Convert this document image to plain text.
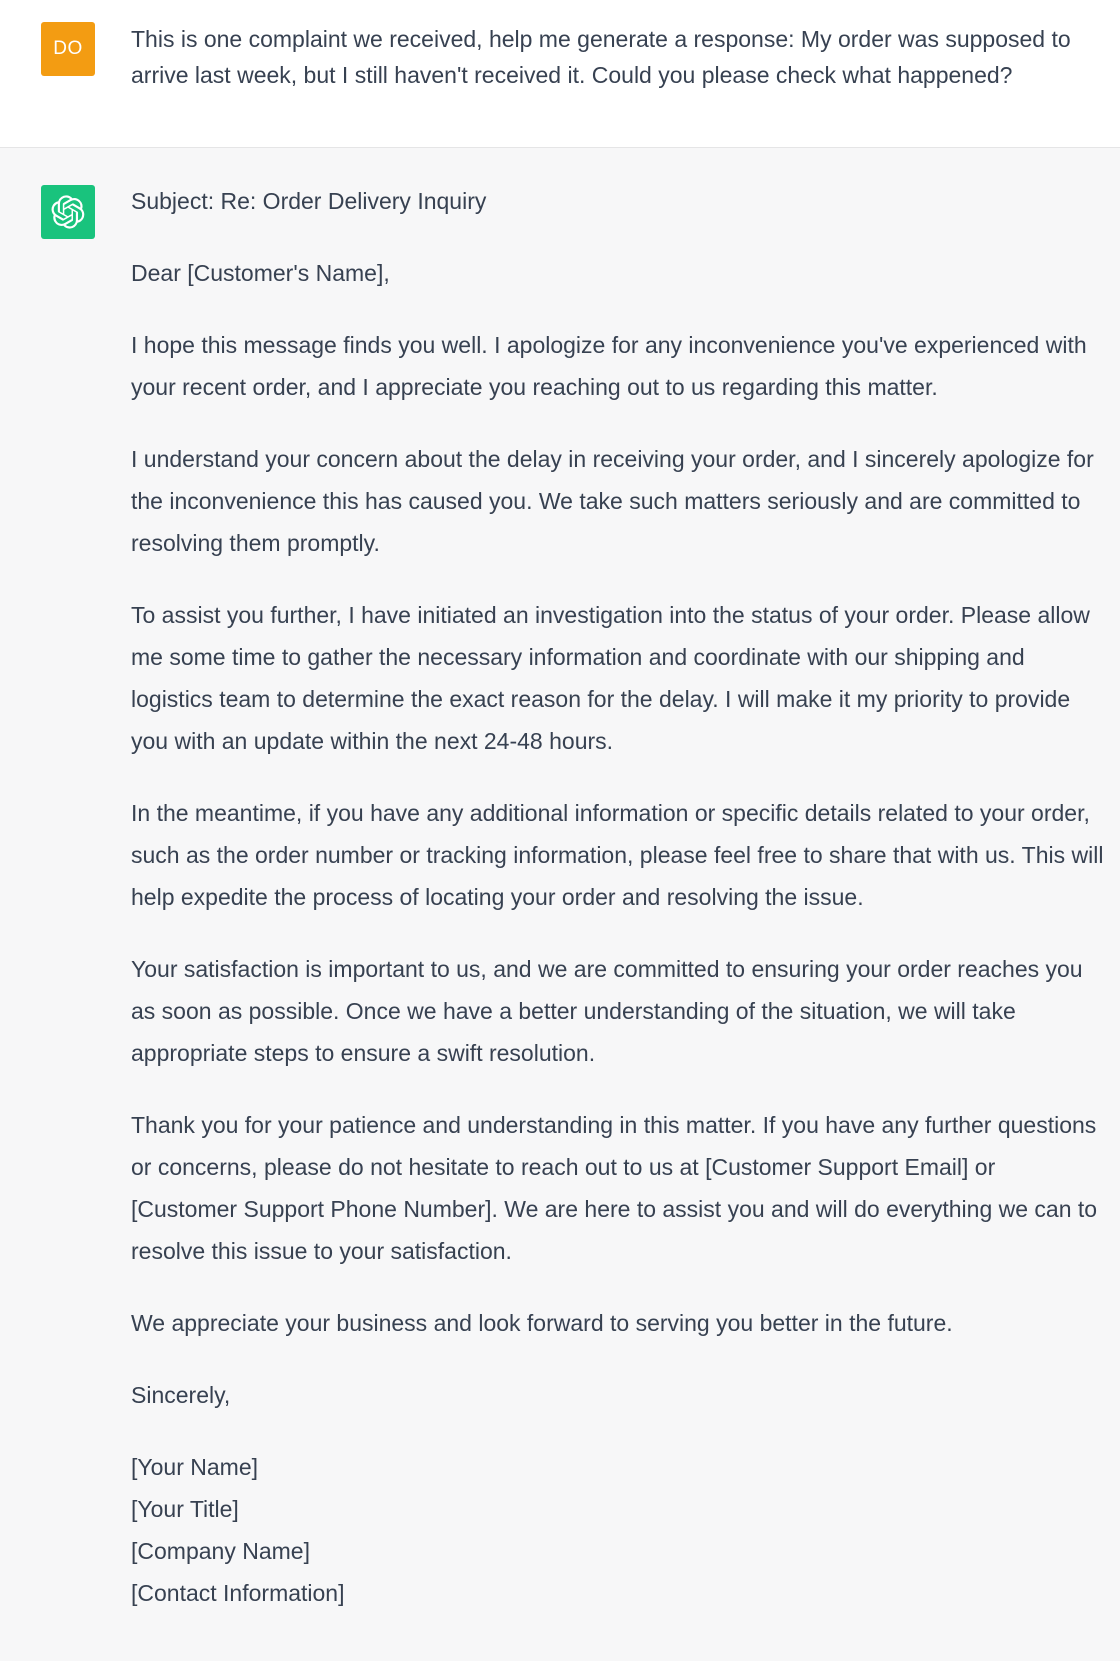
DO This is one complaint we received, help me generate a response: My order was supposed to arrive last week, but I still haven't received it. Could you please check what happened?

Subject: Re: Order Delivery Inquiry

Dear [Customer's Name],

I hope this message finds you well. I apologize for any inconvenience you've experienced with your recent order, and I appreciate you reaching out to us regarding this matter.

I understand your concern about the delay in receiving your order, and I sincerely apologize for the inconvenience this has caused you. We take such matters seriously and are committed to resolving them promptly.

To assist you further, I have initiated an investigation into the status of your order. Please allow me some time to gather the necessary information and coordinate with our shipping and logistics team to determine the exact reason for the delay. I will make it my priority to provide you with an update within the next 24-48 hours.

In the meantime, if you have any additional information or specific details related to your order, such as the order number or tracking information, please feel free to share that with us. This will help expedite the process of locating your order and resolving the issue.

Your satisfaction is important to us, and we are committed to ensuring your order reaches you as soon as possible. Once we have a better understanding of the situation, we will take appropriate steps to ensure a swift resolution.

Thank you for your patience and understanding in this matter. If you have any further questions or concerns, please do not hesitate to reach out to us at [Customer Support Email] or [Customer Support Phone Number]. We are here to assist you and will do everything we can to resolve this issue to your satisfaction.

We appreciate your business and look forward to serving you better in the future.

Sincerely,

[Your Name]
[Your Title]
[Company Name]
[Contact Information]
